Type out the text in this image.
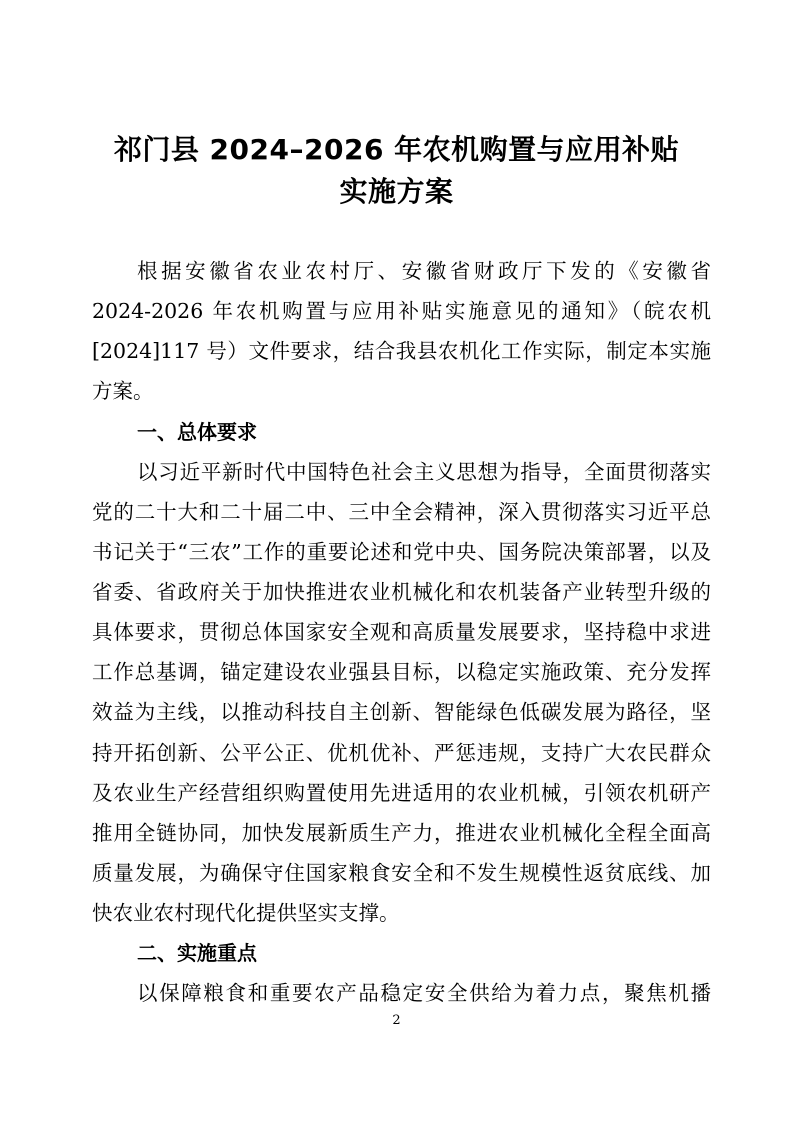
祁门县 2024–2026 年农机购置与应用补贴
实施方案
根据安徽省农业农村厅、安徽省财政厅下发的《安徽省
2024-2026 年农机购置与应用补贴实施意见的通知》（皖农机
[2024]117 号）文件要求，结合我县农机化工作实际，制定本实施
方案。
一、总体要求
以习近平新时代中国特色社会主义思想为指导，全面贯彻落实
党的二十大和二十届二中、三中全会精神，深入贯彻落实习近平总
书记关于“三农”工作的重要论述和党中央、国务院决策部署，以及
省委、省政府关于加快推进农业机械化和农机装备产业转型升级的
具体要求，贯彻总体国家安全观和高质量发展要求，坚持稳中求进
工作总基调，锚定建设农业强县目标，以稳定实施政策、充分发挥
效益为主线，以推动科技自主创新、智能绿色低碳发展为路径，坚
持开拓创新、公平公正、优机优补、严惩违规，支持广大农民群众
及农业生产经营组织购置使用先进适用的农业机械，引领农机研产
推用全链协同，加快发展新质生产力，推进农业机械化全程全面高
质量发展，为确保守住国家粮食安全和不发生规模性返贫底线、加
快农业农村现代化提供坚实支撑。
二、实施重点
以保障粮食和重要农产品稳定安全供给为着力点，聚焦机播
2
